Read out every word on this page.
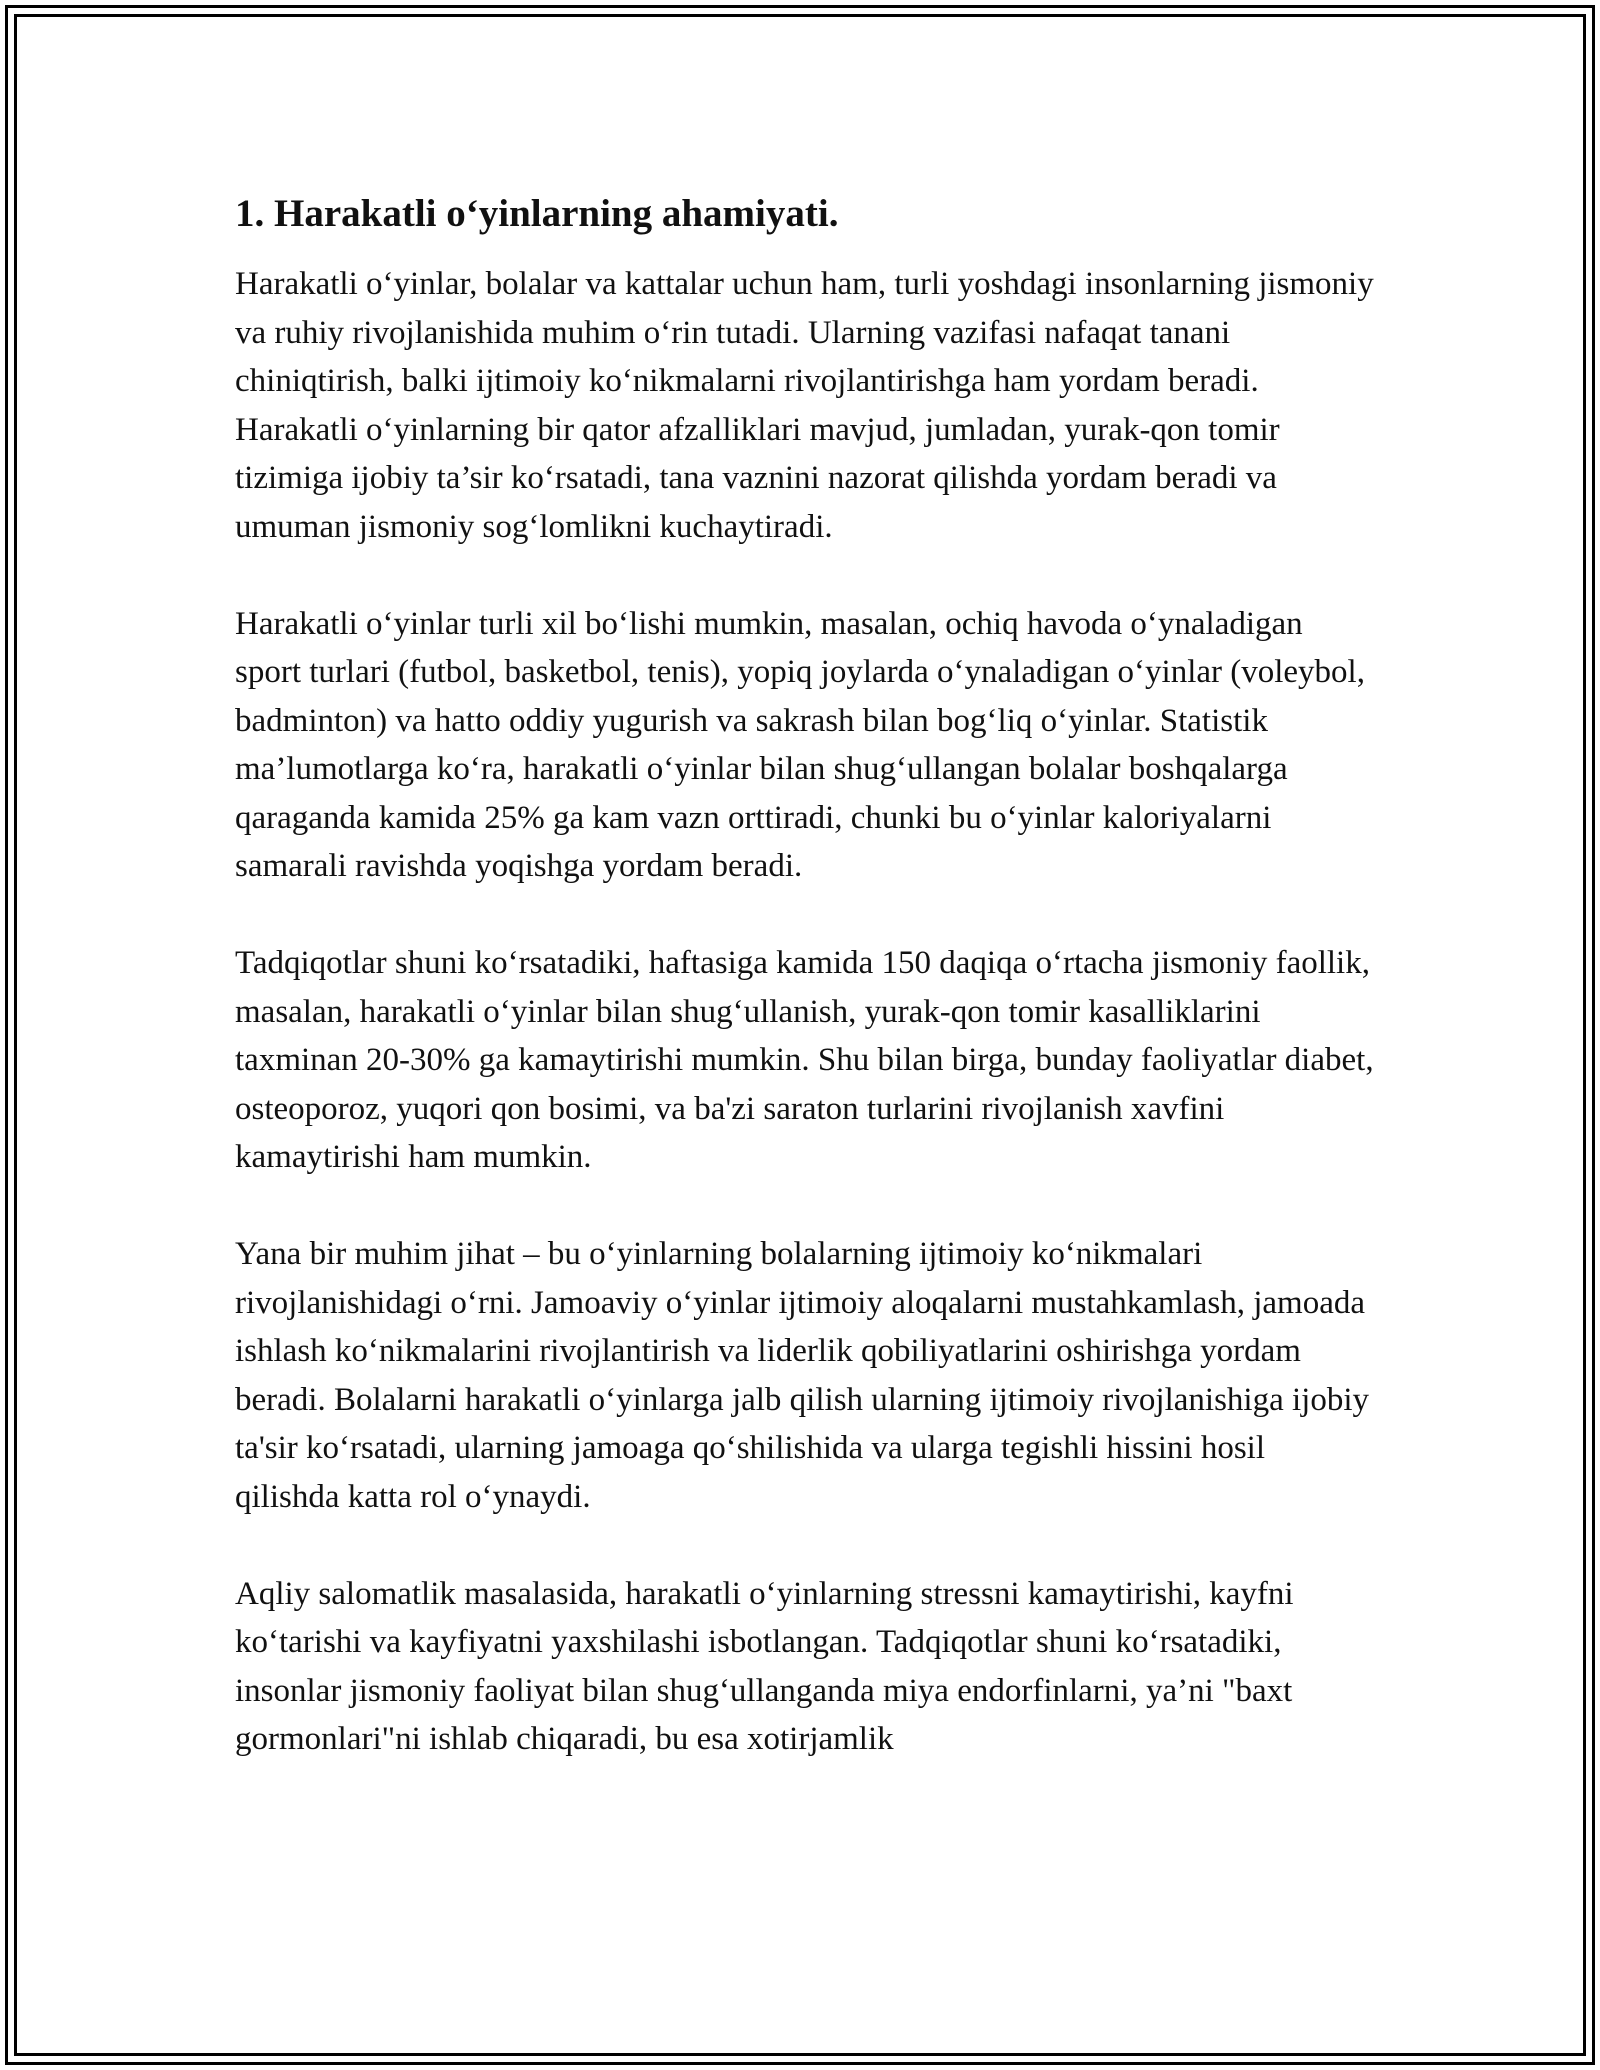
1. Harakatli o‘yinlarning ahamiyati.

Harakatli o‘yinlar, bolalar va kattalar uchun ham, turli yoshdagi insonlarning jismoniy va ruhiy rivojlanishida muhim o‘rin tutadi. Ularning vazifasi nafaqat tanani chiniqtirish, balki ijtimoiy ko‘nikmalarni rivojlantirishga ham yordam beradi. Harakatli o‘yinlarning bir qator afzalliklari mavjud, jumladan, yurak-qon tomir tizimiga ijobiy ta’sir ko‘rsatadi, tana vaznini nazorat qilishda yordam beradi va umuman jismoniy sog‘lomlikni kuchaytiradi.

Harakatli o‘yinlar turli xil bo‘lishi mumkin, masalan, ochiq havoda o‘ynaladigan sport turlari (futbol, basketbol, tenis), yopiq joylarda o‘ynaladigan o‘yinlar (voleybol, badminton) va hatto oddiy yugurish va sakrash bilan bog‘liq o‘yinlar. Statistik ma’lumotlarga ko‘ra, harakatli o‘yinlar bilan shug‘ullangan bolalar boshqalarga qaraganda kamida 25% ga kam vazn orttiradi, chunki bu o‘yinlar kaloriyalarni samarali ravishda yoqishga yordam beradi.

Tadqiqotlar shuni ko‘rsatadiki, haftasiga kamida 150 daqiqa o‘rtacha jismoniy faollik, masalan, harakatli o‘yinlar bilan shug‘ullanish, yurak-qon tomir kasalliklarini taxminan 20-30% ga kamaytirishi mumkin. Shu bilan birga, bunday faoliyatlar diabet, osteoporoz, yuqori qon bosimi, va ba'zi saraton turlarini rivojlanish xavfini kamaytirishi ham mumkin.

Yana bir muhim jihat – bu o‘yinlarning bolalarning ijtimoiy ko‘nikmalari rivojlanishidagi o‘rni. Jamoaviy o‘yinlar ijtimoiy aloqalarni mustahkamlash, jamoada ishlash ko‘nikmalarini rivojlantirish va liderlik qobiliyatlarini oshirishga yordam beradi. Bolalarni harakatli o‘yinlarga jalb qilish ularning ijtimoiy rivojlanishiga ijobiy ta'sir ko‘rsatadi, ularning jamoaga qo‘shilishida va ularga tegishli hissini hosil qilishda katta rol o‘ynaydi.

Aqliy salomatlik masalasida, harakatli o‘yinlarning stressni kamaytirishi, kayfni ko‘tarishi va kayfiyatni yaxshilashi isbotlangan. Tadqiqotlar shuni ko‘rsatadiki, insonlar jismoniy faoliyat bilan shug‘ullanganda miya endorfinlarni, ya’ni "baxt gormonlari"ni ishlab chiqaradi, bu esa xotirjamlik
